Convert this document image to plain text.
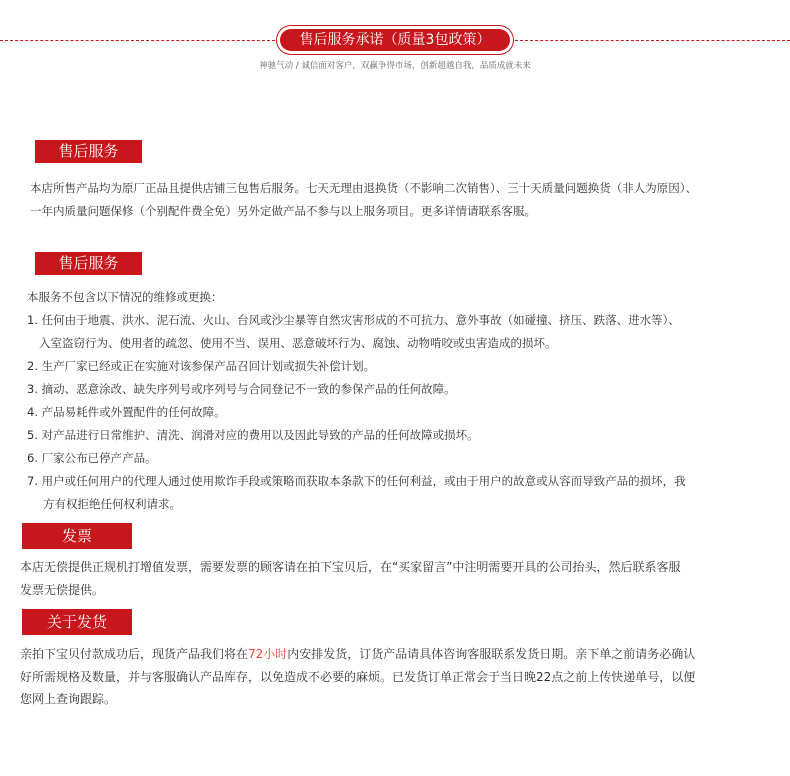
售后服务承诺（质量3包政策）
神驰气动 / 诚信面对客户，双赢争得市场，创新超越自我，品质成就未来
售后服务
本店所售产品均为原厂正品且提供店铺三包售后服务。七天无理由退换货（不影响二次销售）、三十天质量问题换货（非人为原因）、
一年内质量问题保修（个别配件费全免）另外定做产品不参与以上服务项目。更多详情请联系客服。
售后服务
本服务不包含以下情况的维修或更换：
1. 任何由于地震、洪水、泥石流、火山、台风或沙尘暴等自然灾害形成的不可抗力、意外事故（如碰撞、挤压、跌落、进水等）、
入室盗窃行为、使用者的疏忽、使用不当、误用、恶意破坏行为、腐蚀、动物啃咬或虫害造成的损坏。
2. 生产厂家已经或正在实施对该参保产品召回计划或损失补偿计划。
3. 摘动、恶意涂改、缺失序列号或序列号与合同登记不一致的参保产品的任何故障。
4. 产品易耗件或外置配件的任何故障。
5. 对产品进行日常维护、清洗、润滑对应的费用以及因此导致的产品的任何故障或损坏。
6. 厂家公布已停产产品。
7. 用户或任何用户的代理人通过使用欺诈手段或策略而获取本条款下的任何利益，或由于用户的故意或从容而导致产品的损坏，我
方有权拒绝任何权利请求。
发票
本店无偿提供正规机打增值发票，需要发票的顾客请在拍下宝贝后，在“买家留言”中注明需要开具的公司抬头，然后联系客服
发票无偿提供。
关于发货
亲拍下宝贝付款成功后，现货产品我们将在72小时内安排发货，订货产品请具体咨询客服联系发货日期。亲下单之前请务必确认
好所需规格及数量，并与客服确认产品库存，以免造成不必要的麻烦。已发货订单正常会于当日晚22点之前上传快递单号，以便
您网上查询跟踪。
